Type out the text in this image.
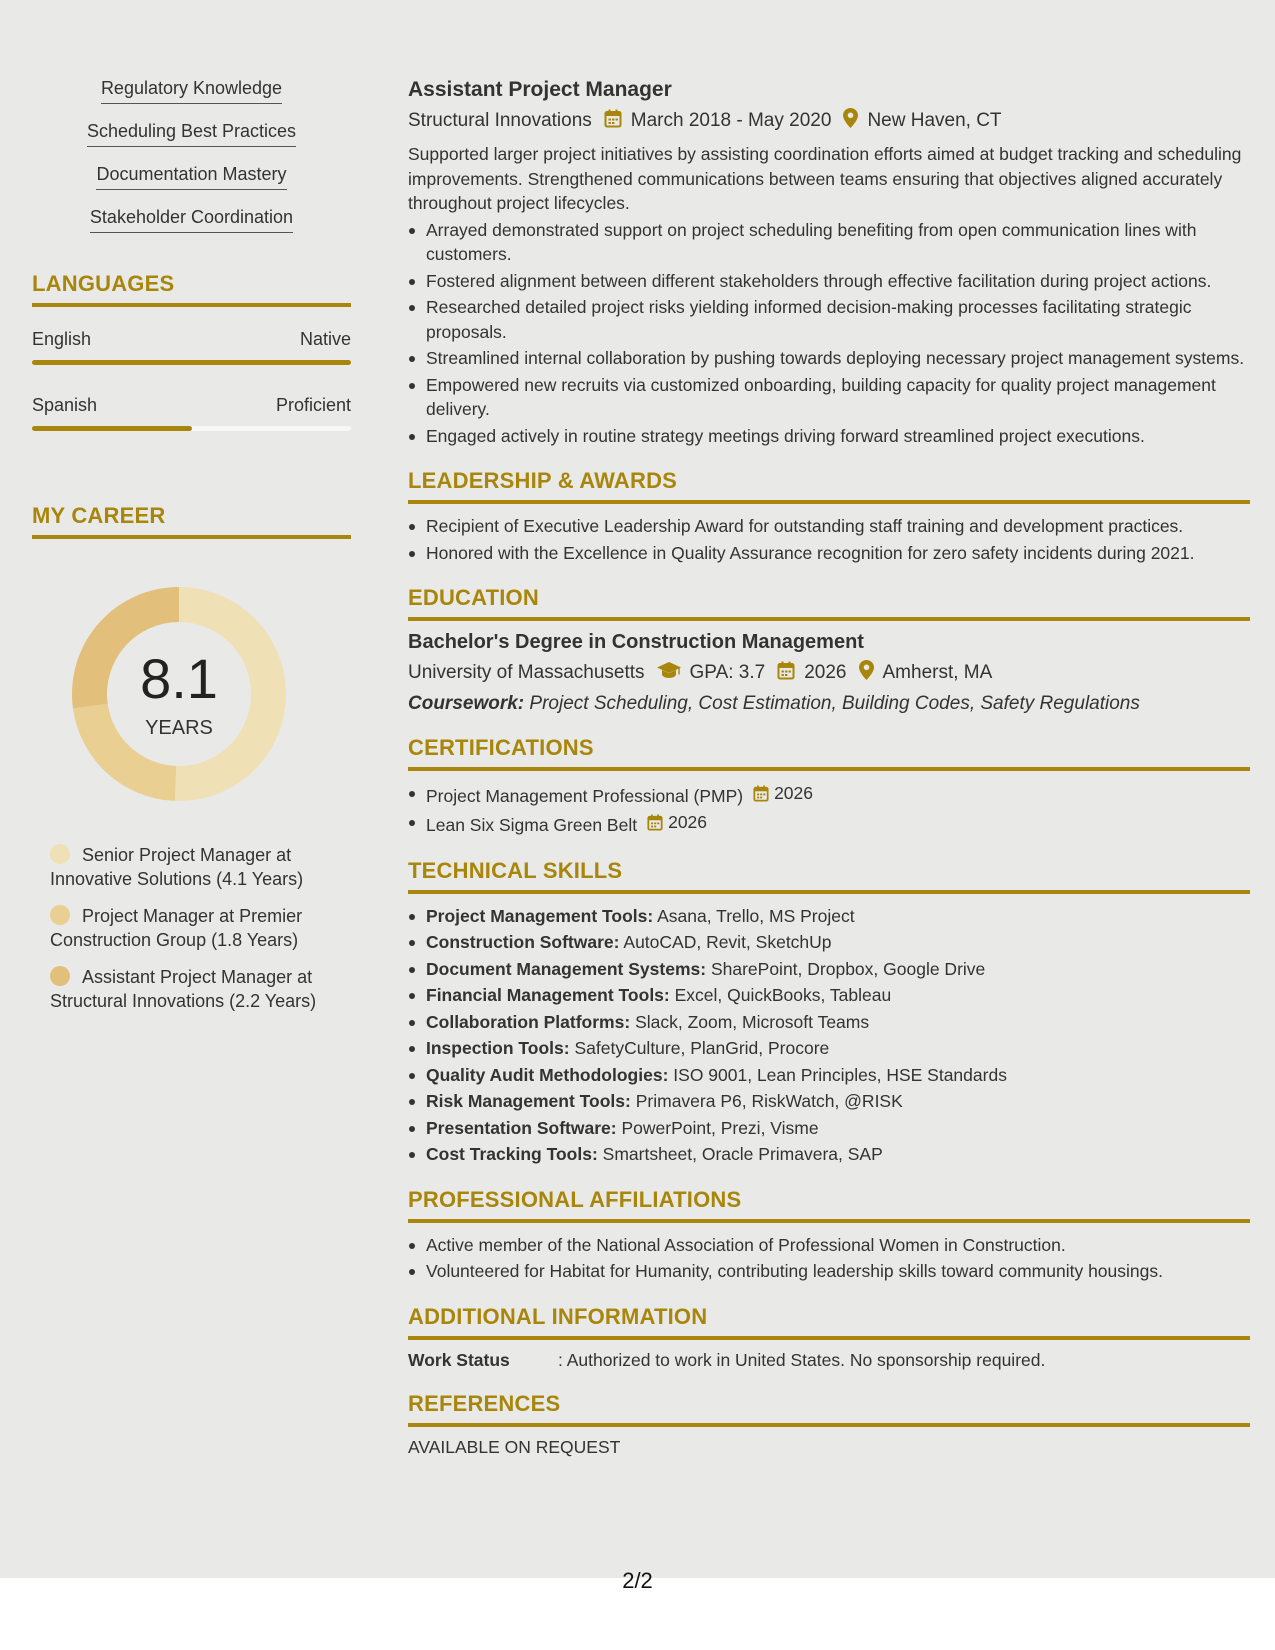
Regulatory Knowledge
Scheduling Best Practices
Documentation Mastery
Stakeholder Coordination
LANGUAGES
English	Native
Spanish	Proficient
MY CAREER
8.1
YEARS
Senior Project Manager at Innovative Solutions (4.1 Years)
Project Manager at Premier Construction Group (1.8 Years)
Assistant Project Manager at Structural Innovations (2.2 Years)
Assistant Project Manager
Structural Innovations March 2018 - May 2020 New Haven, CT
Supported larger project initiatives by assisting coordination efforts aimed at budget tracking and scheduling improvements. Strengthened communications between teams ensuring that objectives aligned accurately throughout project lifecycles.
Arrayed demonstrated support on project scheduling benefiting from open communication lines with customers.
Fostered alignment between different stakeholders through effective facilitation during project actions.
Researched detailed project risks yielding informed decision-making processes facilitating strategic proposals.
Streamlined internal collaboration by pushing towards deploying necessary project management systems.
Empowered new recruits via customized onboarding, building capacity for quality project management delivery.
Engaged actively in routine strategy meetings driving forward streamlined project executions.
LEADERSHIP & AWARDS
Recipient of Executive Leadership Award for outstanding staff training and development practices.
Honored with the Excellence in Quality Assurance recognition for zero safety incidents during 2021.
EDUCATION
Bachelor's Degree in Construction Management
University of Massachusetts GPA: 3.7 2026 Amherst, MA
Coursework: Project Scheduling, Cost Estimation, Building Codes, Safety Regulations
CERTIFICATIONS
Project Management Professional (PMP) 2026
Lean Six Sigma Green Belt 2026
TECHNICAL SKILLS
Project Management Tools: Asana, Trello, MS Project
Construction Software: AutoCAD, Revit, SketchUp
Document Management Systems: SharePoint, Dropbox, Google Drive
Financial Management Tools: Excel, QuickBooks, Tableau
Collaboration Platforms: Slack, Zoom, Microsoft Teams
Inspection Tools: SafetyCulture, PlanGrid, Procore
Quality Audit Methodologies: ISO 9001, Lean Principles, HSE Standards
Risk Management Tools: Primavera P6, RiskWatch, @RISK
Presentation Software: PowerPoint, Prezi, Visme
Cost Tracking Tools: Smartsheet, Oracle Primavera, SAP
PROFESSIONAL AFFILIATIONS
Active member of the National Association of Professional Women in Construction.
Volunteered for Habitat for Humanity, contributing leadership skills toward community housings.
ADDITIONAL INFORMATION
Work Status	: Authorized to work in United States. No sponsorship required.
REFERENCES
AVAILABLE ON REQUEST
2/2
